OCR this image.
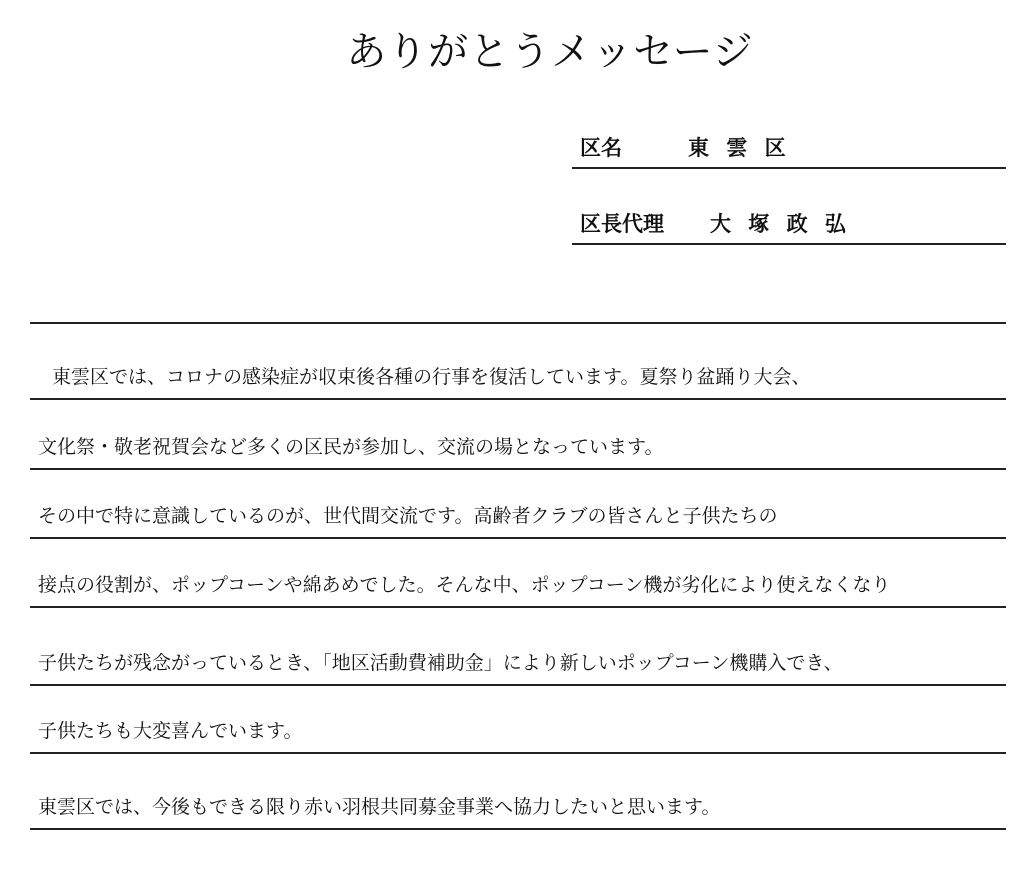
ありがとうメッセージ
区名	東 雲 区
区長代理 大 塚 政 弘
東雲区では、コロナの感染症が収束後各種の行事を復活しています。夏祭り盆踊り大会、
文化祭・敬老祝賀会など多くの区民が参加し、交流の場となっています。
その中で特に意識しているのが、世代間交流です。高齢者クラブの皆さんと子供たちの
接点の役割が、ポップコーンや綿あめでした。そんな中、ポップコーン機が劣化により使えなくなり
子供たちが残念がっているとき、「地区活動費補助金」により新しいポップコーン機購入でき、
子供たちも大変喜んでいます。
東雲区では、今後もできる限り赤い羽根共同募金事業へ協力したいと思います。
